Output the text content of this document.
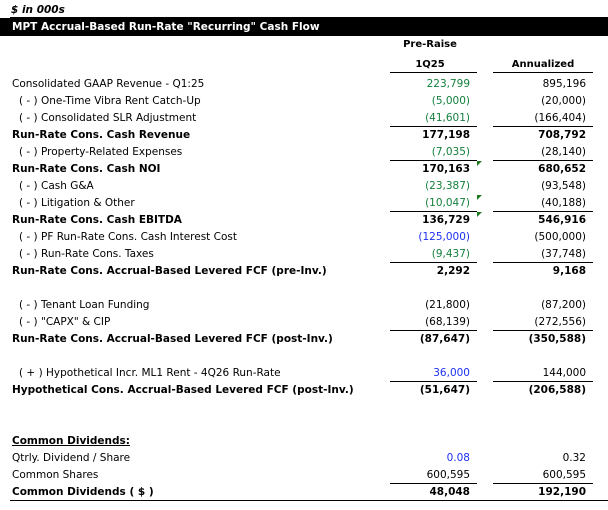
$ in 000s
MPT Accrual-Based Run-Rate "Recurring" Cash Flow
Pre-Raise
1Q25	Annualized
Consolidated GAAP Revenue - Q1:25	223,799	895,196
( - ) One-Time Vibra Rent Catch-Up	(5,000)	(20,000)
( - ) Consolidated SLR Adjustment	(41,601)	(166,404)
Run-Rate Cons. Cash Revenue	177,198	708,792
( - ) Property-Related Expenses	(7,035)	(28,140)
Run-Rate Cons. Cash NOI	170,163	680,652
( - ) Cash G&A	(23,387)	(93,548)
( - ) Litigation & Other	(10,047)	(40,188)
Run-Rate Cons. Cash EBITDA	136,729	546,916
( - ) PF Run-Rate Cons. Cash Interest Cost	(125,000)	(500,000)
( - ) Run-Rate Cons. Taxes	(9,437)	(37,748)
Run-Rate Cons. Accrual-Based Levered FCF (pre-Inv.)	2,292	9,168
( - ) Tenant Loan Funding	(21,800)	(87,200)
( - ) "CAPX" & CIP	(68,139)	(272,556)
Run-Rate Cons. Accrual-Based Levered FCF (post-Inv.)	(87,647)	(350,588)
( + ) Hypothetical Incr. ML1 Rent - 4Q26 Run-Rate	36,000	144,000
Hypothetical Cons. Accrual-Based Levered FCF (post-Inv.)	(51,647)	(206,588)
Common Dividends:
Qtrly. Dividend / Share	0.08	0.32
Common Shares	600,595	600,595
Common Dividends ( $ )	48,048	192,190
